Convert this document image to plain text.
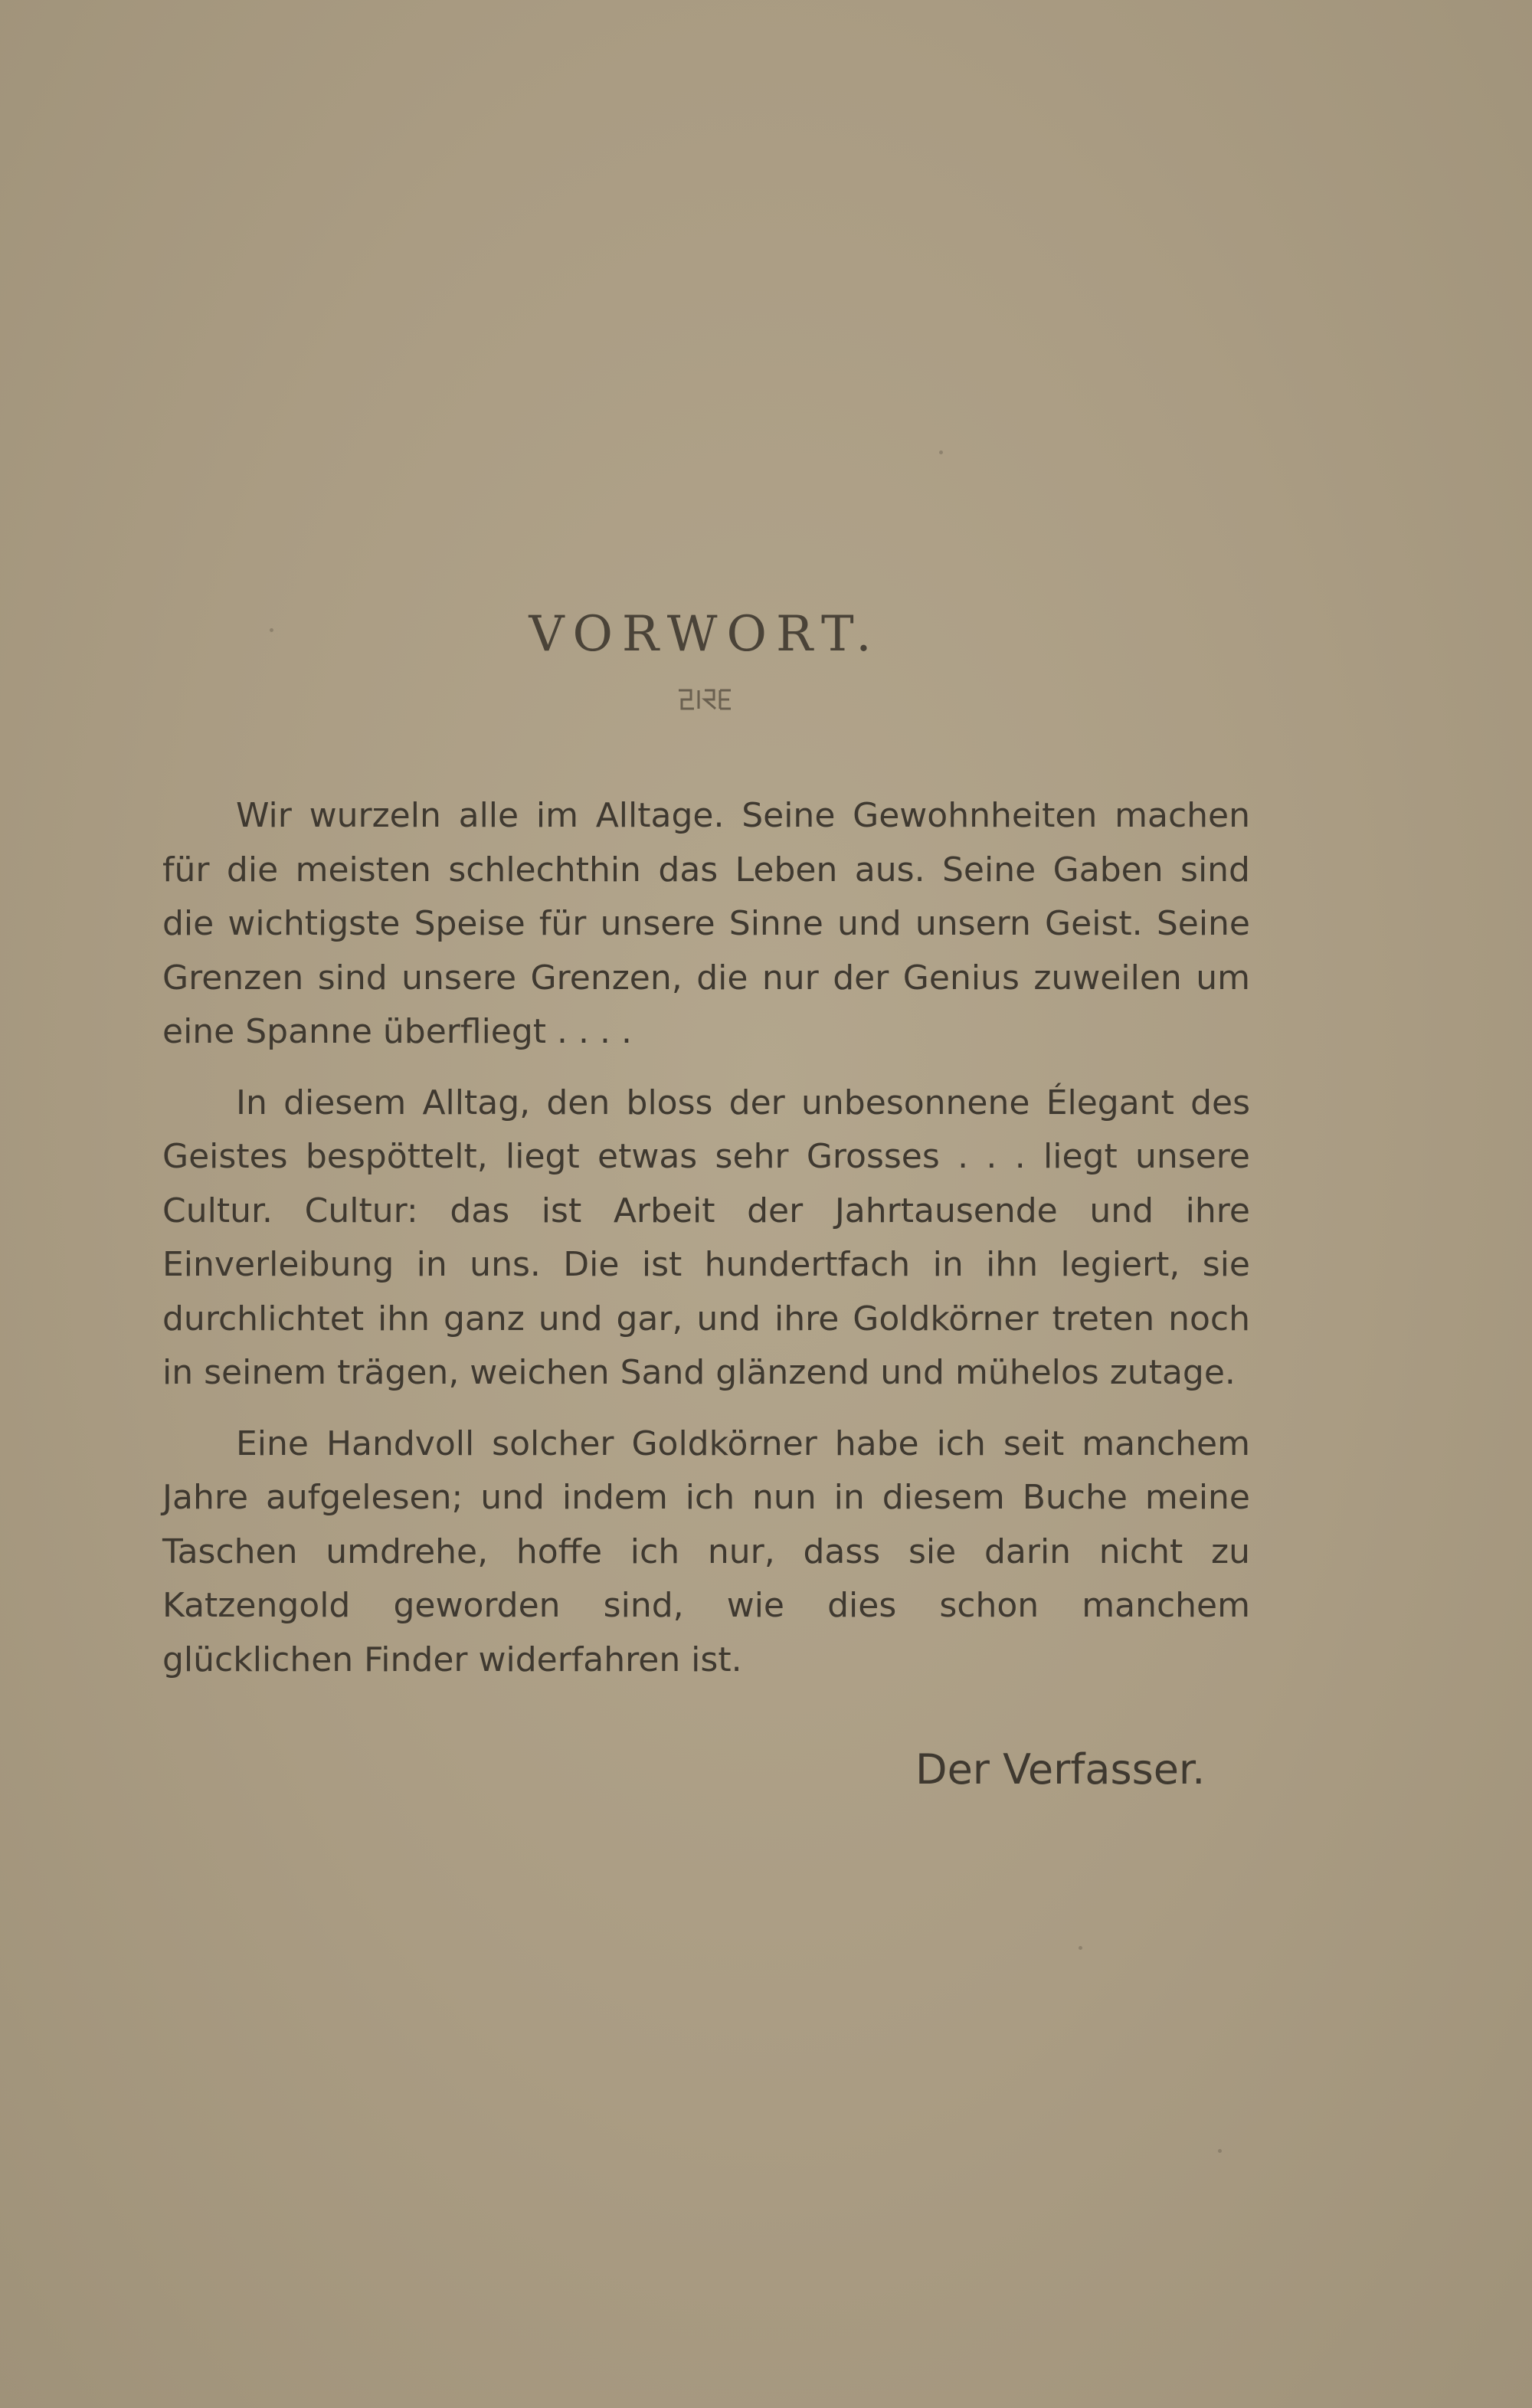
VORWORT.

Wir wurzeln alle im Alltage. Seine Gewohnheiten machen für die meisten schlechthin das Leben aus. Seine Gaben sind die wichtigste Speise für unsere Sinne und unsern Geist. Seine Grenzen sind unsere Grenzen, die nur der Genius zuweilen um eine Spanne überfliegt . . . .

In diesem Alltag, den bloss der unbesonnene Élegant des Geistes bespöttelt, liegt etwas sehr Grosses . . . liegt unsere Cultur. Cultur: das ist Arbeit der Jahrtausende und ihre Einverleibung in uns. Die ist hundertfach in ihn legiert, sie durchlichtet ihn ganz und gar, und ihre Goldkörner treten noch in seinem trägen, weichen Sand glänzend und mühelos zutage.

Eine Handvoll solcher Goldkörner habe ich seit manchem Jahre aufgelesen; und indem ich nun in diesem Buche meine Taschen umdrehe, hoffe ich nur, dass sie darin nicht zu Katzengold geworden sind, wie dies schon manchem glücklichen Finder widerfahren ist.

Der Verfasser.
